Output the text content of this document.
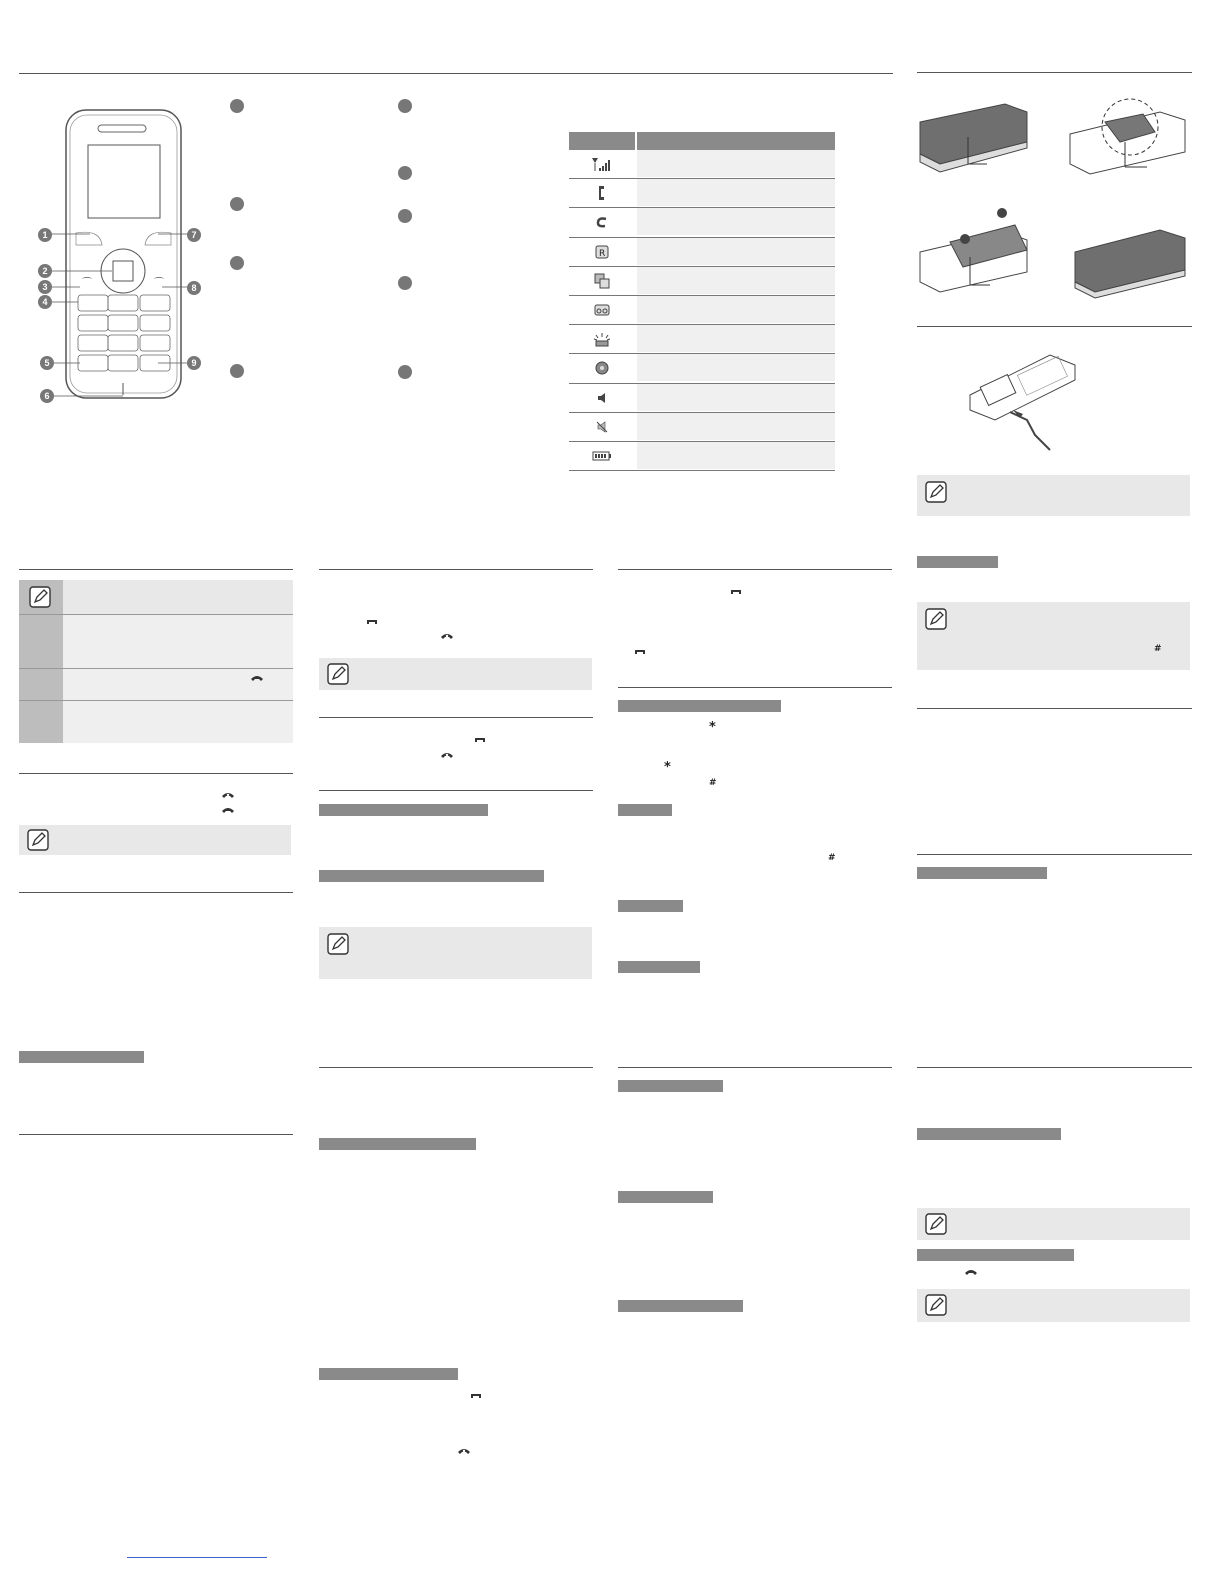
⌒	⌒
1
2
3
4
5
6
7
8
9
R
#
*
*
#
#
